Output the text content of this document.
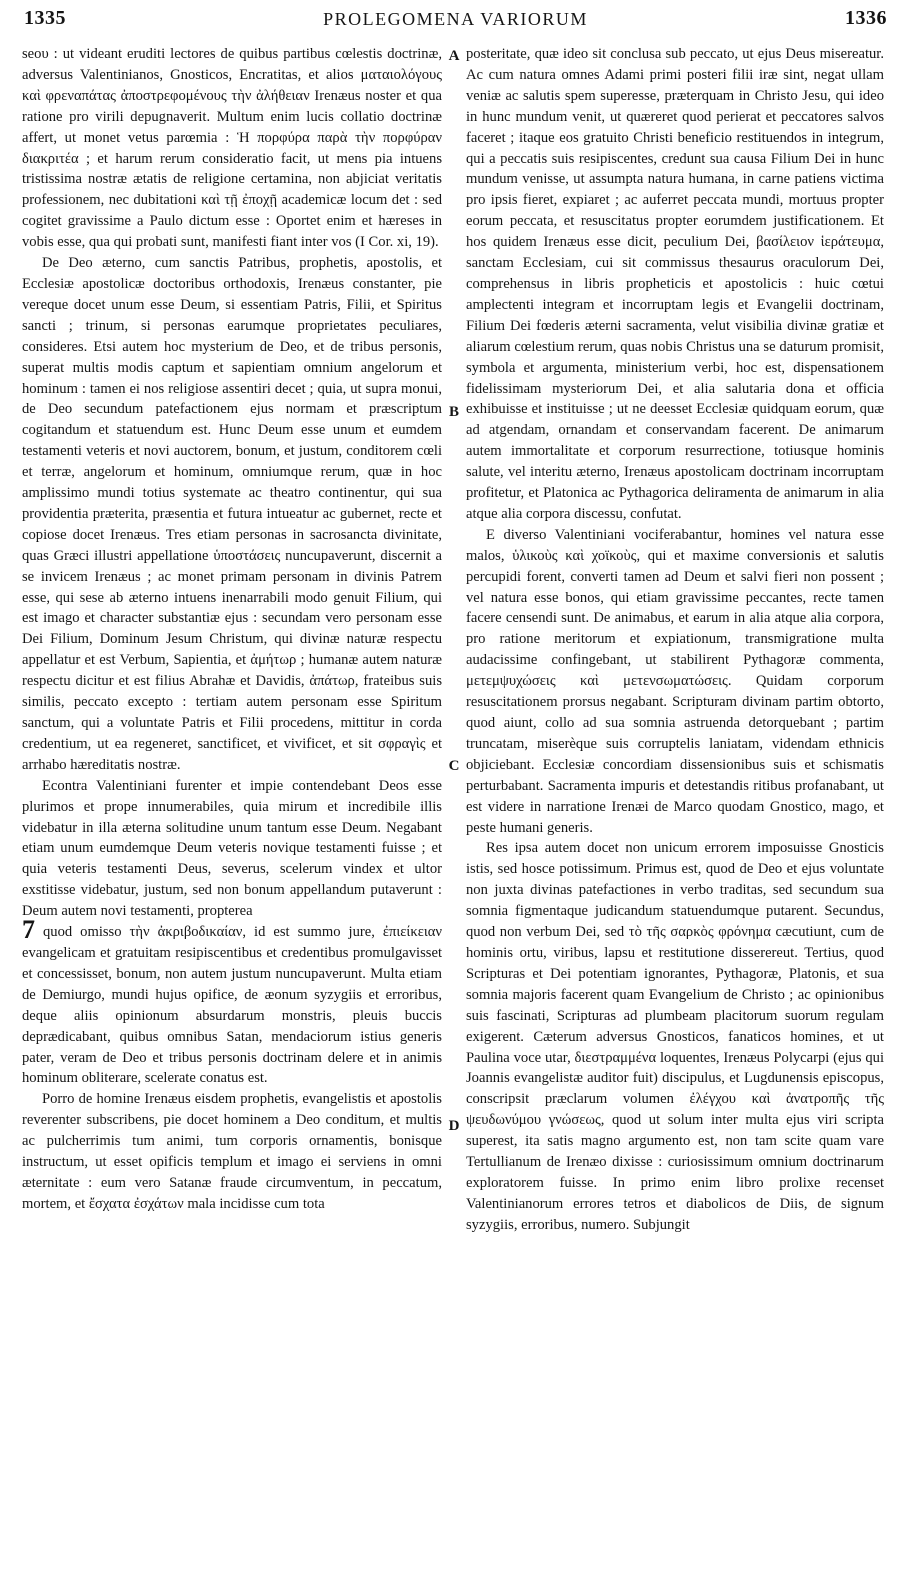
1335	PROLEGOMENA VARIORUM	1336
A
B
C
D

seου : ut videant eruditi lectores de quibus partibus cœlestis doctrinæ, adversus Valentinianos, Gnosticos, Encratitas, et alios ματαιολόγους καὶ φρεναπάτας ἀποστρεφομένους τὴν ἀλήθειαν Irenæus noster et qua ratione pro virili depugnaverit. Multum enim lucis collatio doctrinæ affert, ut monet vetus parœmia : Ἡ πορφύρα παρὰ τὴν πορφύραν διακριτέα ; et harum rerum consideratio facit, ut mens pia intuens tristissima nostræ ætatis de religione certamina, non abjiciat veritatis professionem, nec dubitationi καὶ τῇ ἐποχῇ academicæ locum det : sed cogitet gravissime a Paulo dictum esse : Oportet enim et hæreses in vobis esse, qua qui probati sunt, manifesti fiant inter vos (I Cor. xi, 19).

De Deo æterno, cum sanctis Patribus, prophetis, apostolis, et Ecclesiæ apostolicæ doctoribus orthodoxis, Irenæus constanter, pie vereque docet unum esse Deum, si essentiam Patris, Filii, et Spiritus sancti ; trinum, si personas earumque proprietates peculiares, consideres. Etsi autem hoc mysterium de Deo, et de tribus personis, superat multis modis captum et sapientiam omnium angelorum et hominum : tamen ei nos religiose assentiri decet ; quia, ut supra monui, de Deo secundum patefactionem ejus normam et præscriptum cogitandum et statuendum est. Hunc Deum esse unum et eumdem testamenti veteris et novi auctorem, bonum, et justum, conditorem cœli et terræ, angelorum et hominum, omniumque rerum, quæ in hoc amplissimo mundi totius systemate ac theatro continentur, qui sua providentia præterita, præsentia et futura intueatur ac gubernet, recte et copiose docet Irenæus. Tres etiam personas in sacrosancta divinitate, quas Græci illustri appellatione ὑποστάσεις nuncupaverunt, discernit a se invicem Irenæus ; ac monet primam personam in divinis Patrem esse, qui sese ab æterno intuens inenarrabili modo genuit Filium, qui est imago et character substantiæ ejus : secundam vero personam esse Dei Filium, Dominum Jesum Christum, qui divinæ naturæ respectu appellatur et est Verbum, Sapientia, et ἀμήτωρ ; humanæ autem naturæ respectu dicitur et est filius Abrahæ et Davidis, ἀπάτωρ, frateibus suis similis, peccato excepto : tertiam autem personam esse Spiritum sanctum, qui a voluntate Patris et Filii procedens, mittitur in corda credentium, ut ea regeneret, sanctificet, et vivificet, et sit σφραγὶς et arrhabo hæreditatis nostræ.

Econtra Valentiniani furenter et impie contendebant Deos esse plurimos et prope innumerabiles, quia mirum et incredibile illis videbatur in illa æterna solitudine unum tantum esse Deum. Negabant etiam unum eumdemque Deum veteris novique testamenti fuisse ; et quia veteris testamenti Deus, severus, scelerum vindex et ultor exstitisse videbatur, justum, sed non bonum appellandum putaverunt : Deum autem novi testamenti, propterea

7 quod omisso τὴν ἀκριβοδικαίαν, id est summo jure, ἐπιείκειαν evangelicam et gratuitam resipiscentibus et credentibus promulgavisset et concessisset, bonum, non autem justum nuncupaverunt. Multa etiam de Demiurgo, mundi hujus opifice, de æonum syzygiis et erroribus, deque aliis opinionum absurdarum monstris, pleuis buccis deprædicabant, quibus omnibus Satan, mendaciorum istius generis pater, veram de Deo et tribus personis doctrinam delere et in animis hominum obliterare, scelerate conatus est.

Porro de homine Irenæus eisdem prophetis, evangelistis et apostolis reverenter subscribens, pie docet hominem a Deo conditum, et multis ac pulcherrimis tum animi, tum corporis ornamentis, bonisque instructum, ut esset opificis templum et imago ei serviens in omni æternitate : eum vero Satanæ fraude circumventum, in peccatum, mortem, et ἔσχατα ἐσχάτων mala incidisse cum tota

posteritate, quæ ideo sit conclusa sub peccato, ut ejus Deus misereatur. Ac cum natura omnes Adami primi posteri filii iræ sint, negat ullam veniæ ac salutis spem superesse, præterquam in Christo Jesu, qui ideo in hunc mundum venit, ut quæreret quod perierat et peccatores salvos faceret ; itaque eos gratuito Christi beneficio restituendos in integrum, qui a peccatis suis resipiscentes, credunt sua causa Filium Dei in hunc mundum venisse, ut assumpta natura humana, in carne patiens victima pro ipsis fieret, expiaret ; ac auferret peccata mundi, mortuus propter eorum peccata, et resuscitatus propter eorumdem justificationem. Et hos quidem Irenæus esse dicit, peculium Dei, βασίλειον ἱεράτευμα, sanctam Ecclesiam, cui sit commissus thesaurus oraculorum Dei, comprehensus in libris propheticis et apostolicis : huic cœtui amplectenti integram et incorruptam legis et Evangelii doctrinam, Filium Dei fœderis æterni sacramenta, velut visibilia divinæ gratiæ et aliarum cœlestium rerum, quas nobis Christus una se daturum promisit, symbola et argumenta, ministerium verbi, hoc est, dispensationem fidelissimam mysteriorum Dei, et alia salutaria dona et officia exhibuisse et instituisse ; ut ne deesset Ecclesiæ quidquam eorum, quæ ad atgendam, ornandam et conservandam facerent. De animarum autem immortalitate et corporum resurrectione, totiusque hominis salute, vel interitu æterno, Irenæus apostolicam doctrinam incorruptam profitetur, et Platonica ac Pythagorica deliramenta de animarum in alia atque alia corpora discessu, confutat.

E diverso Valentiniani vociferabantur, homines vel natura esse malos, ὑλικοὺς καὶ χοϊκοὺς, qui et maxime conversionis et salutis percupidi forent, converti tamen ad Deum et salvi fieri non possent ; vel natura esse bonos, qui etiam gravissime peccantes, recte tamen facere censendi sunt. De animabus, et earum in alia atque alia corpora, pro ratione meritorum et expiationum, transmigratione multa audacissime confingebant, ut stabilirent Pythagoræ commenta, μετεμψυχώσεις καὶ μετενσωματώσεις. Quidam corporum resuscitationem prorsus negabant. Scripturam divinam partim obtorto, quod aiunt, collo ad sua somnia astruenda detorquebant ; partim truncatam, miserèque suis corruptelis laniatam, videndam ethnicis objiciebant. Ecclesiæ concordiam dissensionibus suis et schismatis perturbabant. Sacramenta impuris et detestandis ritibus profanabant, ut est videre in narratione Irenæi de Marco quodam Gnostico, mago, et peste humani generis.

Res ipsa autem docet non unicum errorem imposuisse Gnosticis istis, sed hosce potissimum. Primus est, quod de Deo et ejus voluntate non juxta divinas patefactiones in verbo traditas, sed secundum sua somnia figmentaque judicandum statuendumque putarent. Secundus, quod non verbum Dei, sed τὸ τῆς σαρκὸς φρόνημα cæcutiunt, cum de hominis ortu, viribus, lapsu et restitutione disserereut. Tertius, quod Scripturas et Dei potentiam ignorantes, Pythagoræ, Platonis, et sua somnia majoris facerent quam Evangelium de Christo ; ac opinionibus suis fascinati, Scripturas ad plumbeam placitorum suorum regulam exigerent. Cæterum adversus Gnosticos, fanaticos homines, et ut Paulina voce utar, διεστραμμένα loquentes, Irenæus Polycarpi (ejus qui Joannis evangelistæ auditor fuit) discipulus, et Lugdunensis episcopus, conscripsit præclarum volumen ἐλέγχου καὶ ἀνατροπῆς τῆς ψευδωνύμου γνώσεως, quod ut solum inter multa ejus viri scripta superest, ita satis magno argumento est, non tam scite quam vare Tertullianum de Irenæo dixisse : curiosissimum omnium doctrinarum exploratorem fuisse. In primo enim libro prolixe recenset Valentinianorum errores tetros et diabolicos de Diis, de signum syzygiis, erroribus, numero. Subjungit
